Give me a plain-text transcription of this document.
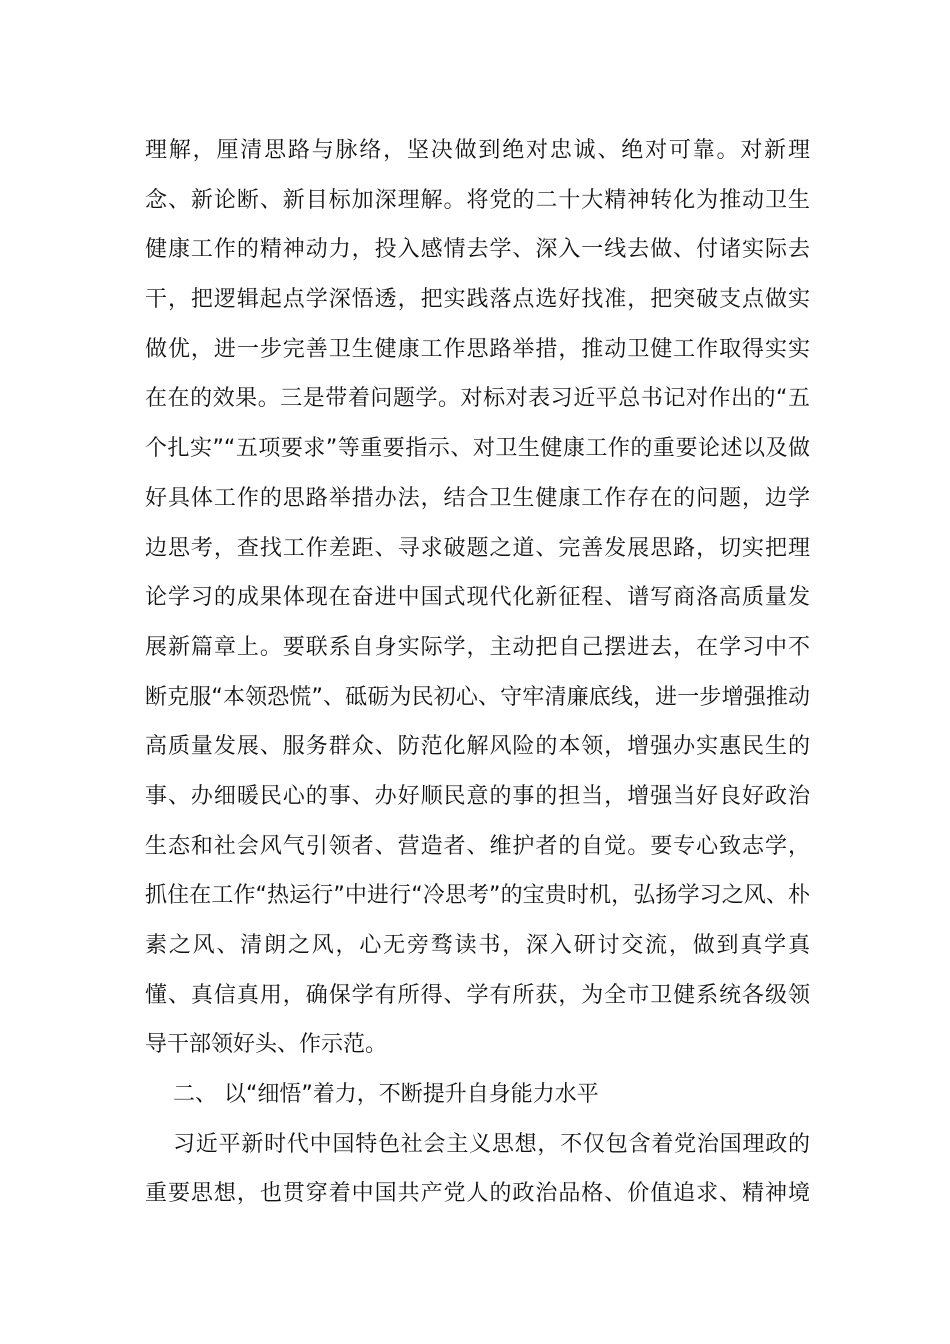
理解，厘清思路与脉络，坚决做到绝对忠诚、绝对可靠。对新理
念、新论断、新目标加深理解。将党的二十大精神转化为推动卫生
健康工作的精神动力，投入感情去学、深入一线去做、付诸实际去
干，把逻辑起点学深悟透，把实践落点选好找准，把突破支点做实
做优，进一步完善卫生健康工作思路举措，推动卫健工作取得实实
在在的效果。三是带着问题学。对标对表习近平总书记对作出的“五
个扎实”“五项要求”等重要指示、对卫生健康工作的重要论述以及做
好具体工作的思路举措办法，结合卫生健康工作存在的问题，边学
边思考，查找工作差距、寻求破题之道、完善发展思路，切实把理
论学习的成果体现在奋进中国式现代化新征程、谱写商洛高质量发
展新篇章上。要联系自身实际学，主动把自己摆进去，在学习中不
断克服“本领恐慌”、砥砺为民初心、守牢清廉底线，进一步增强推动
高质量发展、服务群众、防范化解风险的本领，增强办实惠民生的
事、办细暖民心的事、办好顺民意的事的担当，增强当好良好政治
生态和社会风气引领者、营造者、维护者的自觉。要专心致志学，
抓住在工作“热运行”中进行“冷思考”的宝贵时机，弘扬学习之风、朴
素之风、清朗之风，心无旁骛读书，深入研讨交流，做到真学真
懂、真信真用，确保学有所得、学有所获，为全市卫健系统各级领
导干部领好头、作示范。
二、 以“细悟”着力，不断提升自身能力水平
习近平新时代中国特色社会主义思想，不仅包含着党治国理政的
重要思想，也贯穿着中国共产党人的政治品格、价值追求、精神境
